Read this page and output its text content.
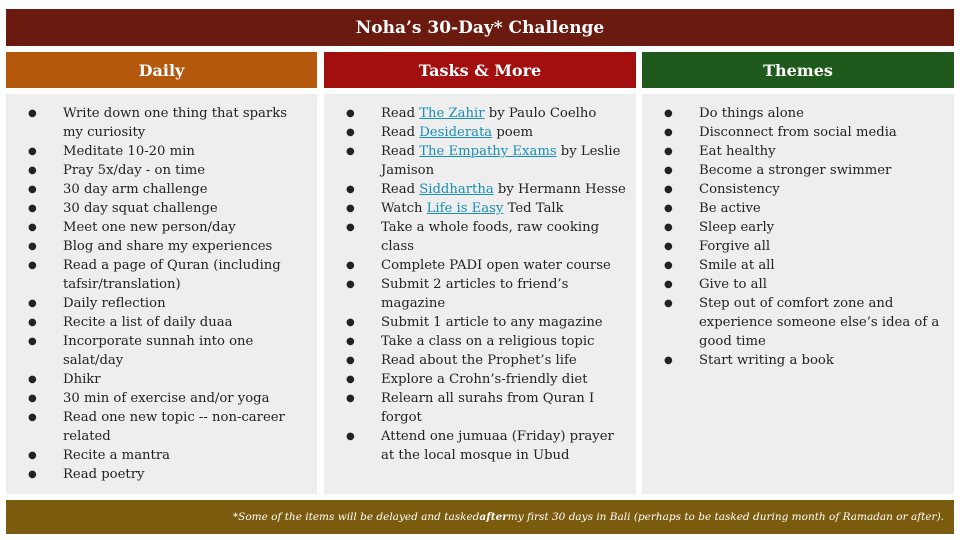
Noha’s 30-Day* Challenge
Daily	Tasks & More	Themes
● Write down one thing that sparks my curiosity
● Meditate 10-20 min
● Pray 5x/day - on time
● 30 day arm challenge
● 30 day squat challenge
● Meet one new person/day
● Blog and share my experiences
● Read a page of Quran (including tafsir/translation)
● Daily reflection
● Recite a list of daily duaa
● Incorporate sunnah into one salat/day
● Dhikr
● 30 min of exercise and/or yoga
● Read one new topic -- non-career related
● Recite a mantra
● Read poetry
● Read The Zahir by Paulo Coelho
● Read Desiderata poem
● Read The Empathy Exams by Leslie Jamison
● Read Siddhartha by Hermann Hesse
● Watch Life is Easy Ted Talk
● Take a whole foods, raw cooking class
● Complete PADI open water course
● Submit 2 articles to friend’s magazine
● Submit 1 article to any magazine
● Take a class on a religious topic
● Read about the Prophet’s life
● Explore a Crohn’s-friendly diet
● Relearn all surahs from Quran I forgot
● Attend one jumuaa (Friday) prayer at the local mosque in Ubud
● Do things alone
● Disconnect from social media
● Eat healthy
● Become a stronger swimmer
● Consistency
● Be active
● Sleep early
● Forgive all
● Smile at all
● Give to all
● Step out of comfort zone and experience someone else’s idea of a good time
● Start writing a book
*Some of the items will be delayed and tasked after my first 30 days in Bali (perhaps to be tasked during month of Ramadan or after).
